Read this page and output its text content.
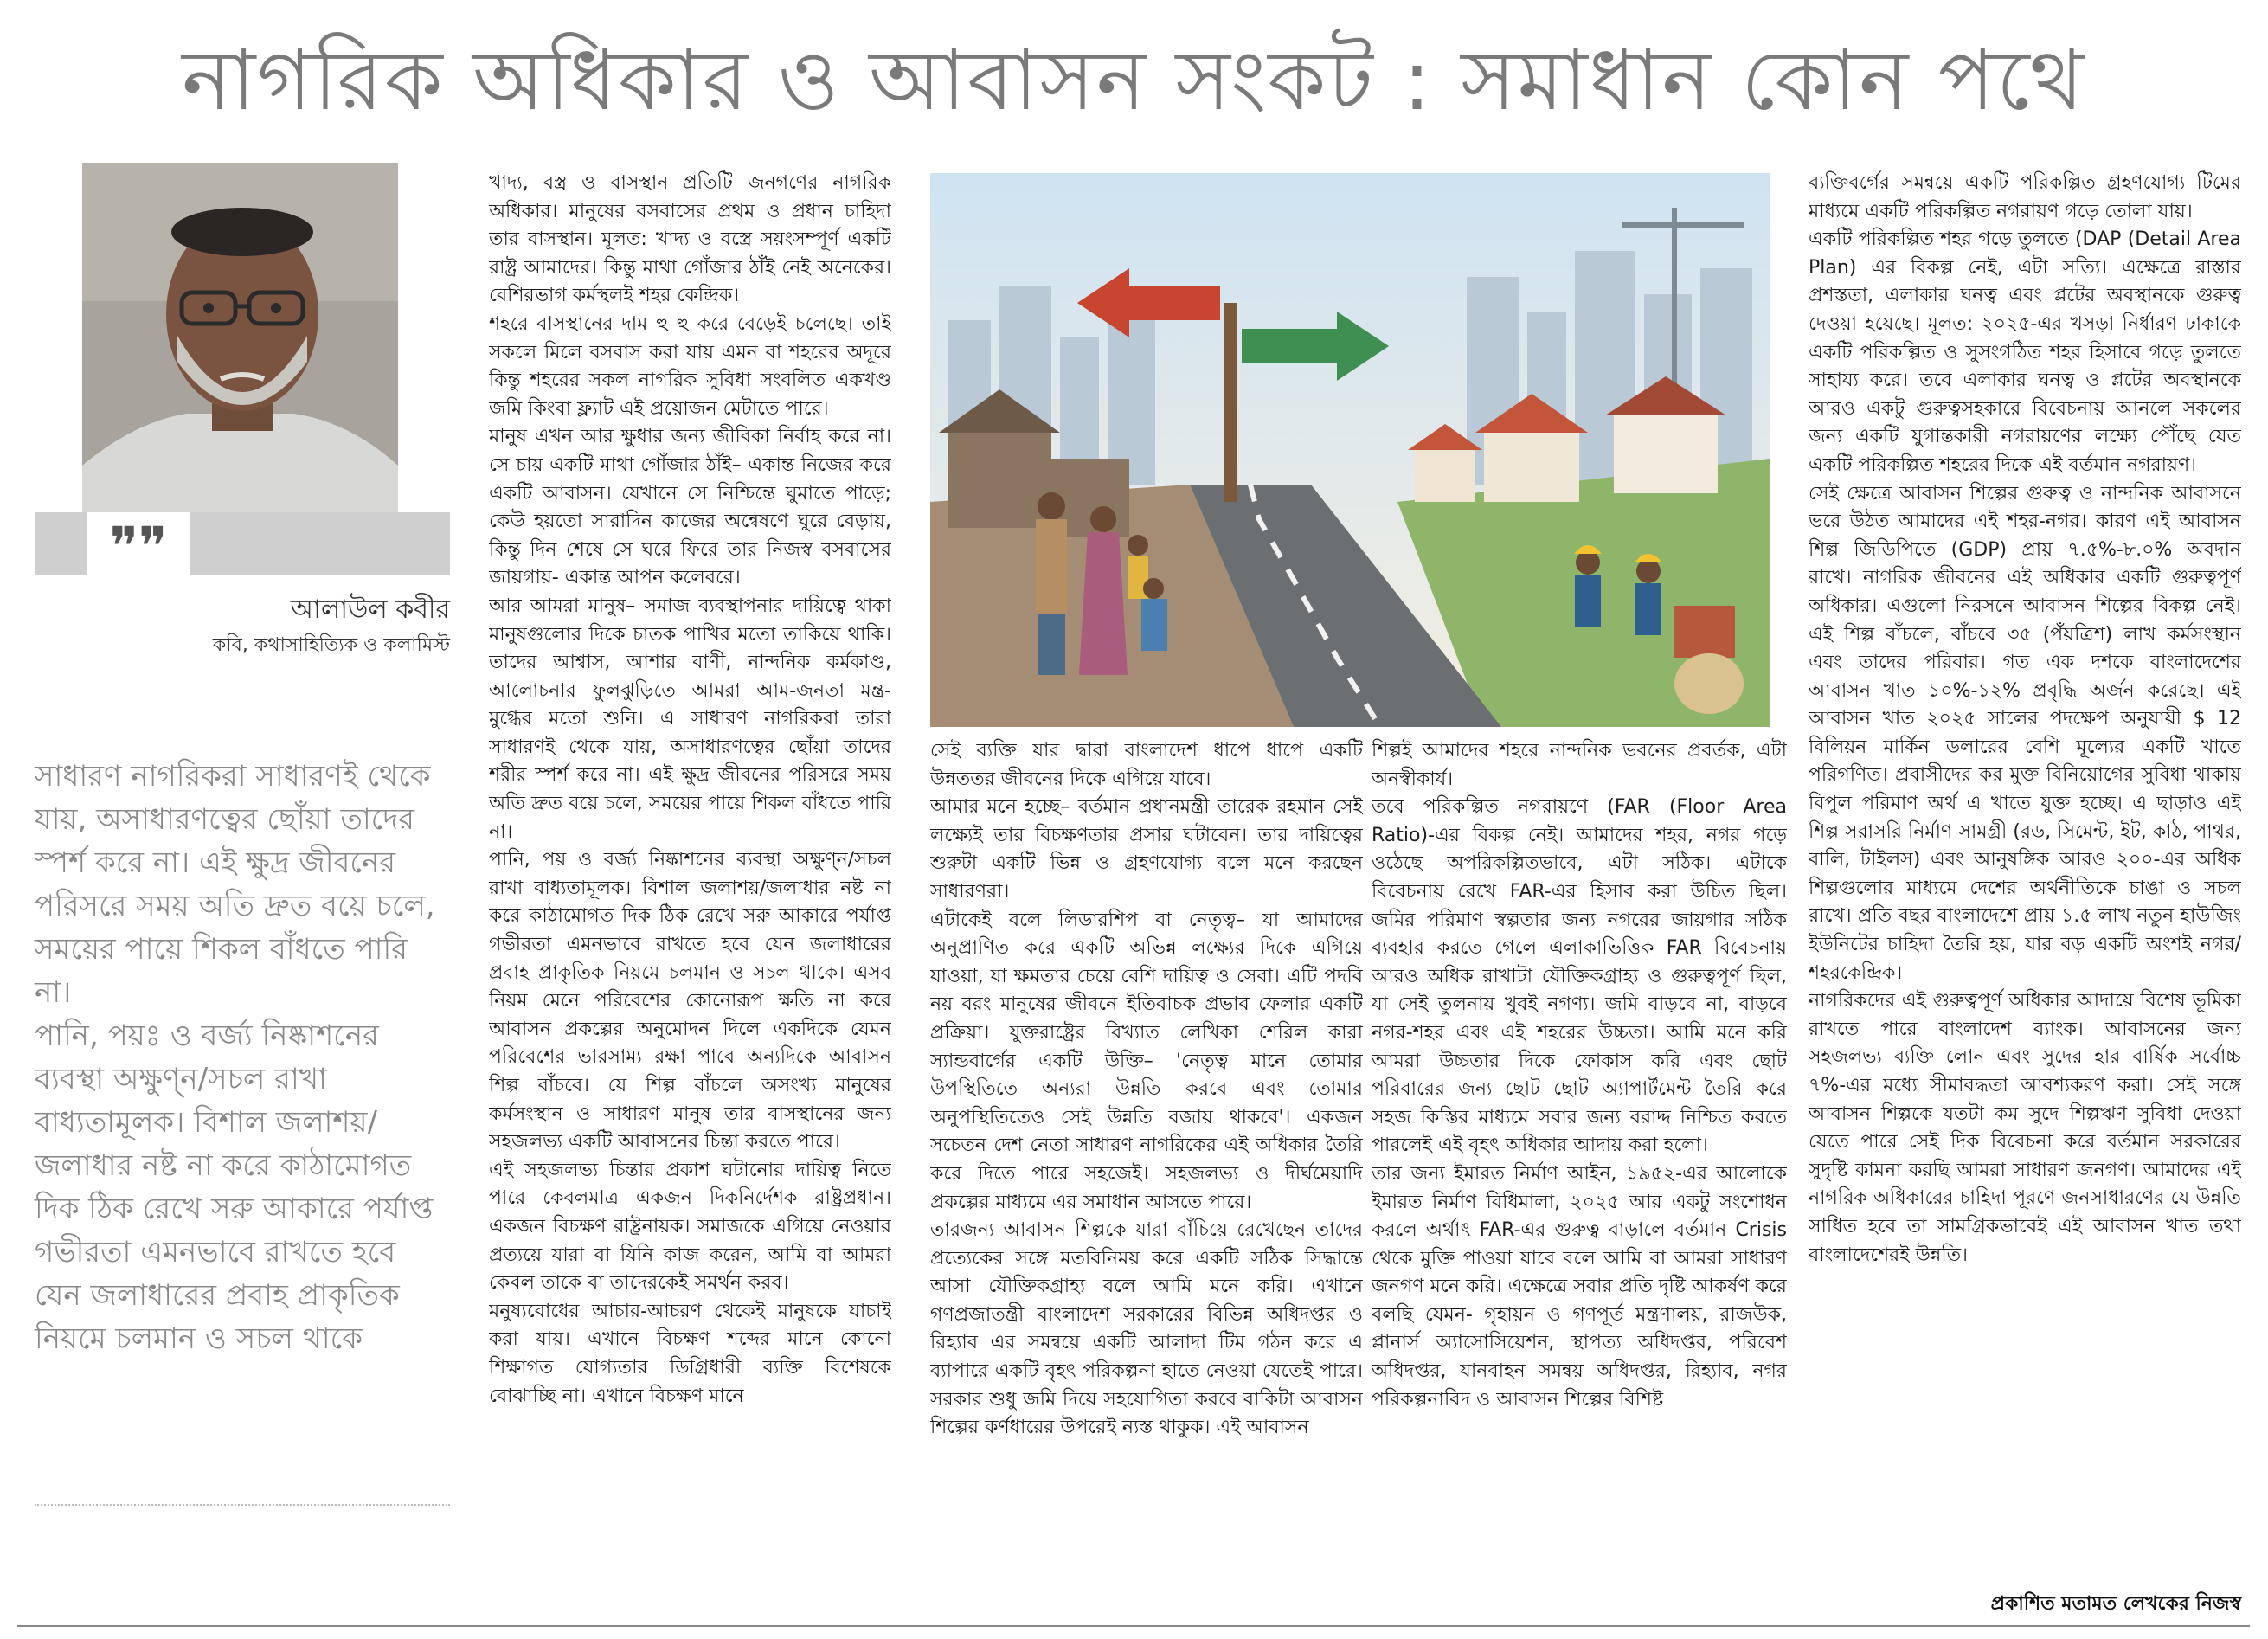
নাগরিক অধিকার ও আবাসন সংকট : সমাধান কোন পথে
❞❞
আলাউল কবীর
কবি, কথাসাহিত্যিক ও কলামিস্ট

সাধারণ নাগরিকরা সাধারণই থেকে যায়, অসাধারণত্বের ছোঁয়া তাদের স্পর্শ করে না। এই ক্ষুদ্র জীবনের পরিসরে সময় অতি দ্রুত বয়ে চলে, সময়ের পায়ে শিকল বাঁধতে পারি না।

পানি, পয়ঃ ও বর্জ্য নিষ্কাশনের ব্যবস্থা অক্ষুণ্ন/সচল রাখা বাধ্যতামূলক। বিশাল জলাশয়/জলাধার নষ্ট না করে কাঠামোগত দিক ঠিক রেখে সরু আকারে পর্যাপ্ত গভীরতা এমনভাবে রাখতে হবে যেন জলাধারের প্রবাহ প্রাকৃতিক নিয়মে চলমান ও সচল থাকে

খাদ্য, বস্ত্র ও বাসস্থান প্রতিটি জনগণের নাগরিক অধিকার। মানুষের বসবাসের প্রথম ও প্রধান চাহিদা তার বাসস্থান। মূলত: খাদ্য ও বস্ত্রে সয়ংসম্পূর্ণ একটি রাষ্ট্র আমাদের। কিন্তু মাথা গোঁজার ঠাঁই নেই অনেকের। বেশিরভাগ কর্মস্থলই শহর কেন্দ্রিক।

শহরে বাসস্থানের দাম হু হু করে বেড়েই চলেছে। তাই সকলে মিলে বসবাস করা যায় এমন বা শহরের অদূরে কিন্তু শহরের সকল নাগরিক সুবিধা সংবলিত একখণ্ড জমি কিংবা ফ্ল্যাট এই প্রয়োজন মেটাতে পারে।

মানুষ এখন আর ক্ষুধার জন্য জীবিকা নির্বাহ করে না। সে চায় একটি মাথা গোঁজার ঠাঁই– একান্ত নিজের করে একটি আবাসন। যেখানে সে নিশ্চিন্তে ঘুমাতে পাড়ে; কেউ হয়তো সারাদিন কাজের অন্বেষণে ঘুরে বেড়ায়, কিন্তু দিন শেষে সে ঘরে ফিরে তার নিজস্ব বসবাসের জায়গায়- একান্ত আপন কলেবরে।

আর আমরা মানুষ– সমাজ ব্যবস্থাপনার দায়িত্বে থাকা মানুষগুলোর দিকে চাতক পাখির মতো তাকিয়ে থাকি। তাদের আশ্বাস, আশার বাণী, নান্দনিক কর্মকাণ্ড, আলোচনার ফুলঝুড়িতে আমরা আম-জনতা মন্ত্র-মুগ্ধের মতো শুনি। এ সাধারণ নাগরিকরা তারা সাধারণই থেকে যায়, অসাধারণত্বের ছোঁয়া তাদের শরীর স্পর্শ করে না। এই ক্ষুদ্র জীবনের পরিসরে সময় অতি দ্রুত বয়ে চলে, সময়ের পায়ে শিকল বাঁধতে পারি না।

পানি, পয় ও বর্জ্য নিষ্কাশনের ব্যবস্থা অক্ষুণ্ন/সচল রাখা বাধ্যতামূলক। বিশাল জলাশয়/জলাধার নষ্ট না করে কাঠামোগত দিক ঠিক রেখে সরু আকারে পর্যাপ্ত গভীরতা এমনভাবে রাখতে হবে যেন জলাধারের প্রবাহ প্রাকৃতিক নিয়মে চলমান ও সচল থাকে। এসব নিয়ম মেনে পরিবেশের কোনোরূপ ক্ষতি না করে আবাসন প্রকল্পের অনুমোদন দিলে একদিকে যেমন পরিবেশের ভারসাম্য রক্ষা পাবে অন্যদিকে আবাসন শিল্প বাঁচবে। যে শিল্প বাঁচলে অসংখ্য মানুষের কর্মসংস্থান ও সাধারণ মানুষ তার বাসস্থানের জন্য সহজলভ্য একটি আবাসনের চিন্তা করতে পারে।

এই সহজলভ্য চিন্তার প্রকাশ ঘটানোর দায়িত্ব নিতে পারে কেবলমাত্র একজন দিকনির্দেশক রাষ্ট্রপ্রধান। একজন বিচক্ষণ রাষ্ট্রনায়ক। সমাজকে এগিয়ে নেওয়ার প্রত্যয়ে যারা বা যিনি কাজ করেন, আমি বা আমরা কেবল তাকে বা তাদেরকেই সমর্থন করব।

মনুষ্যবোধের আচার-আচরণ থেকেই মানুষকে যাচাই করা যায়। এখানে বিচক্ষণ শব্দের মানে কোনো শিক্ষাগত যোগ্যতার ডিগ্রিধারী ব্যক্তি বিশেষকে বোঝাচ্ছি না। এখানে বিচক্ষণ মানে

সেই ব্যক্তি যার দ্বারা বাংলাদেশ ধাপে ধাপে একটি উন্নততর জীবনের দিকে এগিয়ে যাবে।

আমার মনে হচ্ছে– বর্তমান প্রধানমন্ত্রী তারেক রহমান সেই লক্ষ্যেই তার বিচক্ষণতার প্রসার ঘটাবেন। তার দায়িত্বের শুরুটা একটি ভিন্ন ও গ্রহণযোগ্য বলে মনে করছেন সাধারণরা।

এটাকেই বলে লিডারশিপ বা নেতৃত্ব– যা আমাদের অনুপ্রাণিত করে একটি অভিন্ন লক্ষ্যের দিকে এগিয়ে যাওয়া, যা ক্ষমতার চেয়ে বেশি দায়িত্ব ও সেবা। এটি পদবি নয় বরং মানুষের জীবনে ইতিবাচক প্রভাব ফেলার একটি প্রক্রিয়া। যুক্তরাষ্ট্রের বিখ্যাত লেখিকা শেরিল কারা স্যান্ডবার্গের একটি উক্তি– 'নেতৃত্ব মানে তোমার উপস্থিতিতে অন্যরা উন্নতি করবে এবং তোমার অনুপস্থিতিতেও সেই উন্নতি বজায় থাকবে'। একজন সচেতন দেশ নেতা সাধারণ নাগরিকের এই অধিকার তৈরি করে দিতে পারে সহজেই। সহজলভ্য ও দীর্ঘমেয়াদি প্রকল্পের মাধ্যমে এর সমাধান আসতে পারে।

তারজন্য আবাসন শিল্পকে যারা বাঁচিয়ে রেখেছেন তাদের প্রত্যেকের সঙ্গে মতবিনিময় করে একটি সঠিক সিদ্ধান্তে আসা যৌক্তিকগ্রাহ্য বলে আমি মনে করি। এখানে গণপ্রজাতন্ত্রী বাংলাদেশ সরকারের বিভিন্ন অধিদপ্তর ও রিহ্যাব এর সমন্বয়ে একটি আলাদা টিম গঠন করে এ ব্যাপারে একটি বৃহৎ পরিকল্পনা হাতে নেওয়া যেতেই পারে। সরকার শুধু জমি দিয়ে সহযোগিতা করবে বাকিটা আবাসন শিল্পের কর্ণধারের উপরেই ন্যস্ত থাকুক। এই আবাসন

শিল্পই আমাদের শহরে নান্দনিক ভবনের প্রবর্তক, এটা অনস্বীকার্য।

তবে পরিকল্পিত নগরায়ণে (FAR (Floor Area Ratio)-এর বিকল্প নেই। আমাদের শহর, নগর গড়ে ওঠেছে অপরিকল্পিতভাবে, এটা সঠিক। এটাকে বিবেচনায় রেখে FAR-এর হিসাব করা উচিত ছিল। জমির পরিমাণ স্বল্পতার জন্য নগরের জায়গার সঠিক ব্যবহার করতে গেলে এলাকাভিত্তিক FAR বিবেচনায় আরও অধিক রাখাটা যৌক্তিকগ্রাহ্য ও গুরুত্বপূর্ণ ছিল, যা সেই তুলনায় খুবই নগণ্য। জমি বাড়বে না, বাড়বে নগর-শহর এবং এই শহরের উচ্চতা। আমি মনে করি আমরা উচ্চতার দিকে ফোকাস করি এবং ছোট পরিবারের জন্য ছোট ছোট অ্যাপার্টমেন্ট তৈরি করে সহজ কিস্তির মাধ্যমে সবার জন্য বরাদ্দ নিশ্চিত করতে পারলেই এই বৃহৎ অধিকার আদায় করা হলো।

তার জন্য ইমারত নির্মাণ আইন, ১৯৫২-এর আলোকে ইমারত নির্মাণ বিধিমালা, ২০২৫ আর একটু সংশোধন করলে অর্থাৎ FAR-এর গুরুত্ব বাড়ালে বর্তমান Crisis থেকে মুক্তি পাওয়া যাবে বলে আমি বা আমরা সাধারণ জনগণ মনে করি। এক্ষেত্রে সবার প্রতি দৃষ্টি আকর্ষণ করে বলছি যেমন- গৃহায়ন ও গণপূর্ত মন্ত্রণালয়, রাজউক, প্লানার্স অ্যাসোসিয়েশন, স্থাপত্য অধিদপ্তর, পরিবেশ অধিদপ্তর, যানবাহন সমন্বয় অধিদপ্তর, রিহ্যাব, নগর পরিকল্পনাবিদ ও আবাসন শিল্পের বিশিষ্ট

ব্যক্তিবর্গের সমন্বয়ে একটি পরিকল্পিত গ্রহণযোগ্য টিমের মাধ্যমে একটি পরিকল্পিত নগরায়ণ গড়ে তোলা যায়।

একটি পরিকল্পিত শহর গড়ে তুলতে (DAP (Detail Area Plan) এর বিকল্প নেই, এটা সত্যি। এক্ষেত্রে রাস্তার প্রশস্ততা, এলাকার ঘনত্ব এবং প্লটের অবস্থানকে গুরুত্ব দেওয়া হয়েছে। মূলত: ২০২৫-এর খসড়া নির্ধারণ ঢাকাকে একটি পরিকল্পিত ও সুসংগঠিত শহর হিসাবে গড়ে তুলতে সাহায্য করে। তবে এলাকার ঘনত্ব ও প্লটের অবস্থানকে আরও একটু গুরুত্বসহকারে বিবেচনায় আনলে সকলের জন্য একটি যুগান্তকারী নগরায়ণের লক্ষ্যে পৌঁছে যেত একটি পরিকল্পিত শহরের দিকে এই বর্তমান নগরায়ণ।

সেই ক্ষেত্রে আবাসন শিল্পের গুরুত্ব ও নান্দনিক আবাসনে ভরে উঠত আমাদের এই শহর-নগর। কারণ এই আবাসন শিল্প জিডিপিতে (GDP) প্রায় ৭.৫%-৮.০% অবদান রাখে। নাগরিক জীবনের এই অধিকার একটি গুরুত্বপূর্ণ অধিকার। এগুলো নিরসনে আবাসন শিল্পের বিকল্প নেই। এই শিল্প বাঁচলে, বাঁচবে ৩৫ (পঁয়ত্রিশ) লাখ কর্মসংস্থান এবং তাদের পরিবার। গত এক দশকে বাংলাদেশের আবাসন খাত ১০%-১২% প্রবৃদ্ধি অর্জন করেছে। এই আবাসন খাত ২০২৫ সালের পদক্ষেপ অনুযায়ী $ 12 বিলিয়ন মার্কিন ডলারের বেশি মূল্যের একটি খাতে পরিগণিত। প্রবাসীদের কর মুক্ত বিনিয়োগের সুবিধা থাকায় বিপুল পরিমাণ অর্থ এ খাতে যুক্ত হচ্ছে। এ ছাড়াও এই শিল্প সরাসরি নির্মাণ সামগ্রী (রড, সিমেন্ট, ইট, কাঠ, পাথর, বালি, টাইলস) এবং আনুষঙ্গিক আরও ২০০-এর অধিক শিল্পগুলোর মাধ্যমে দেশের অর্থনীতিকে চাঙা ও সচল রাখে। প্রতি বছর বাংলাদেশে প্রায় ১.৫ লাখ নতুন হাউজিং ইউনিটের চাহিদা তৈরি হয়, যার বড় একটি অংশই নগর/শহরকেন্দ্রিক।

নাগরিকদের এই গুরুত্বপূর্ণ অধিকার আদায়ে বিশেষ ভূমিকা রাখতে পারে বাংলাদেশ ব্যাংক। আবাসনের জন্য সহজলভ্য ব্যক্তি লোন এবং সুদের হার বার্ষিক সর্বোচ্চ ৭%-এর মধ্যে সীমাবদ্ধতা আবশ্যকরণ করা। সেই সঙ্গে আবাসন শিল্পকে যতটা কম সুদে শিল্পঋণ সুবিধা দেওয়া যেতে পারে সেই দিক বিবেচনা করে বর্তমান সরকারের সুদৃষ্টি কামনা করছি আমরা সাধারণ জনগণ। আমাদের এই নাগরিক অধিকারের চাহিদা পূরণে জনসাধারণের যে উন্নতি সাধিত হবে তা সামগ্রিকভাবেই এই আবাসন খাত তথা বাংলাদেশেরই উন্নতি।

প্রকাশিত মতামত লেখকের নিজস্ব
